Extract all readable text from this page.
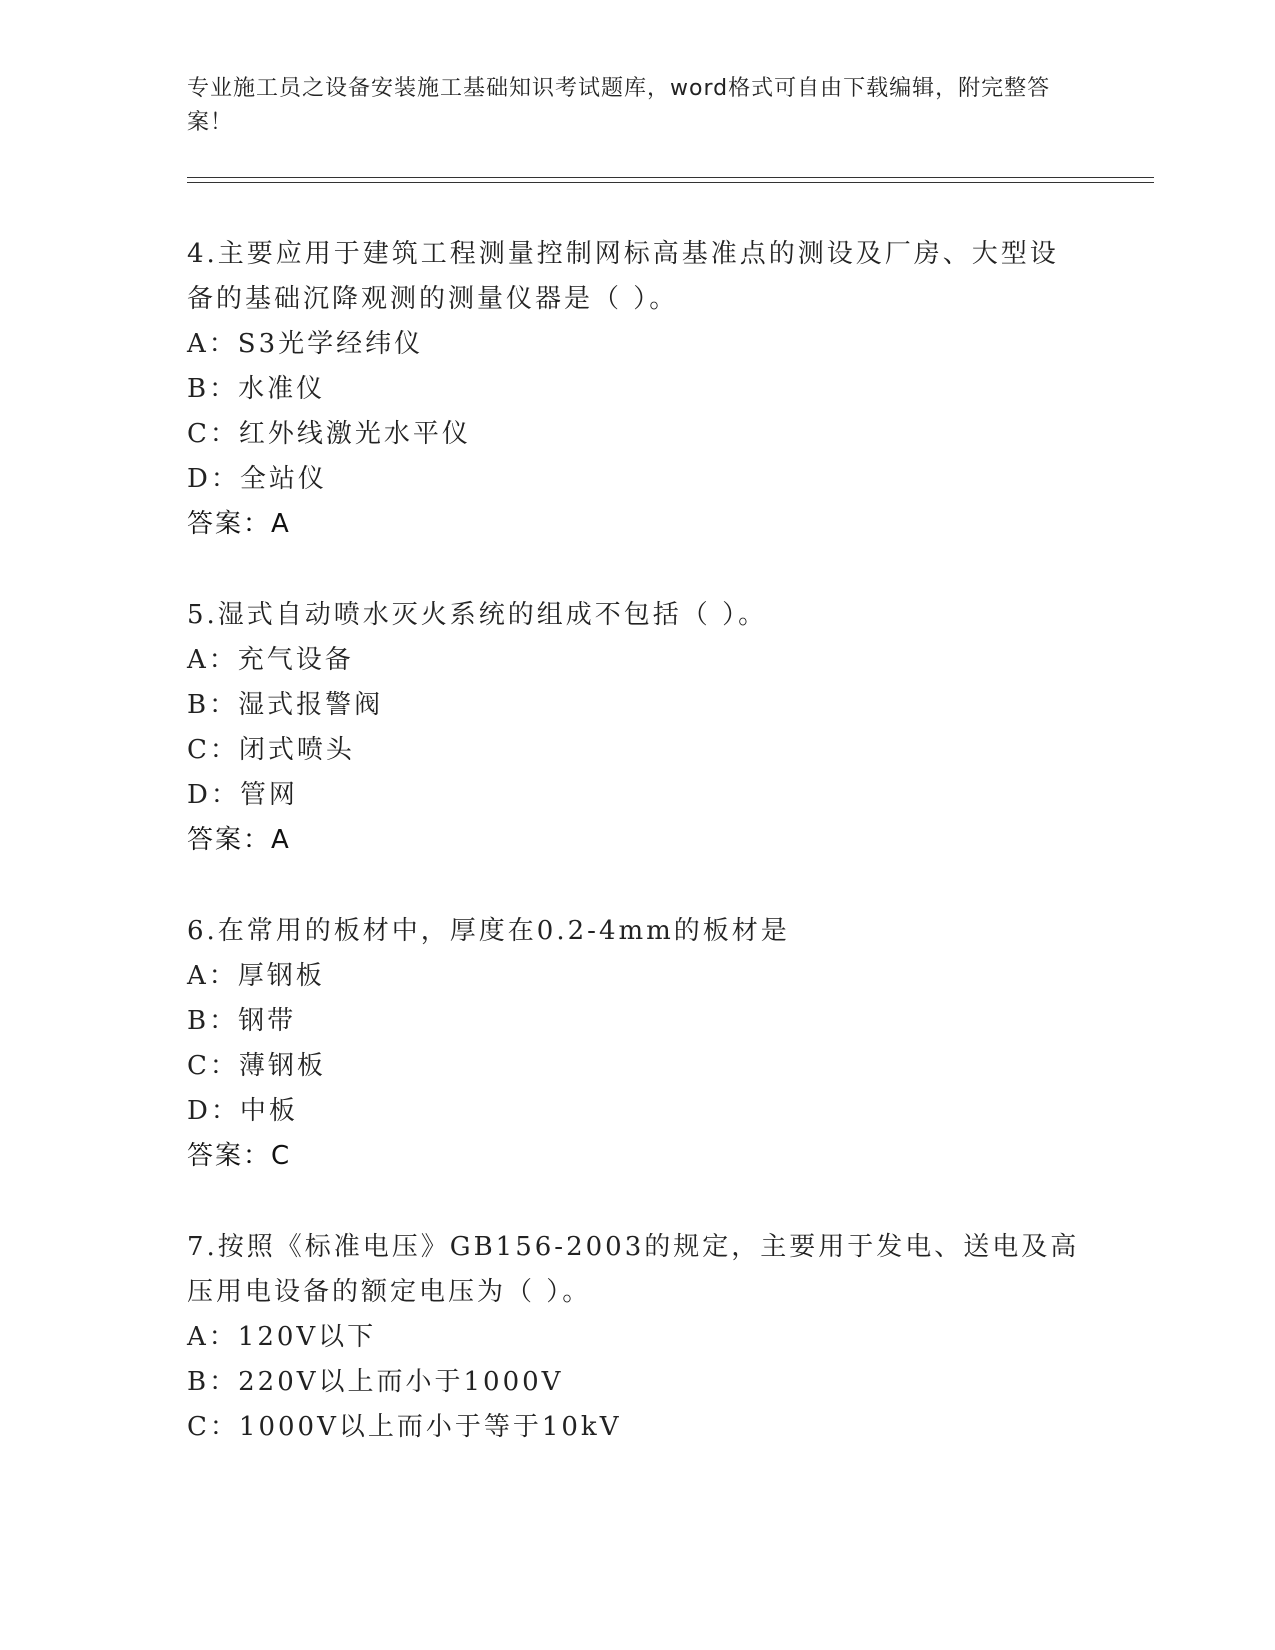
专业施工员之设备安装施工基础知识考试题库，word格式可自由下载编辑，附完整答案！

4.主要应用于建筑工程测量控制网标高基准点的测设及厂房、大型设备的基础沉降观测的测量仪器是（ ）。

A：S3光学经纬仪

B：水准仪

C：红外线激光水平仪

D：全站仪

答案：A

5.湿式自动喷水灭火系统的组成不包括（ ）。

A：充气设备

B：湿式报警阀

C：闭式喷头

D：管网

答案：A

6.在常用的板材中，厚度在0.2-4mm的板材是

A：厚钢板

B：钢带

C：薄钢板

D：中板

答案：C

7.按照《标准电压》GB156-2003的规定，主要用于发电、送电及高压用电设备的额定电压为（ ）。

A：120V以下

B：220V以上而小于1000V

C：1000V以上而小于等于10kV
